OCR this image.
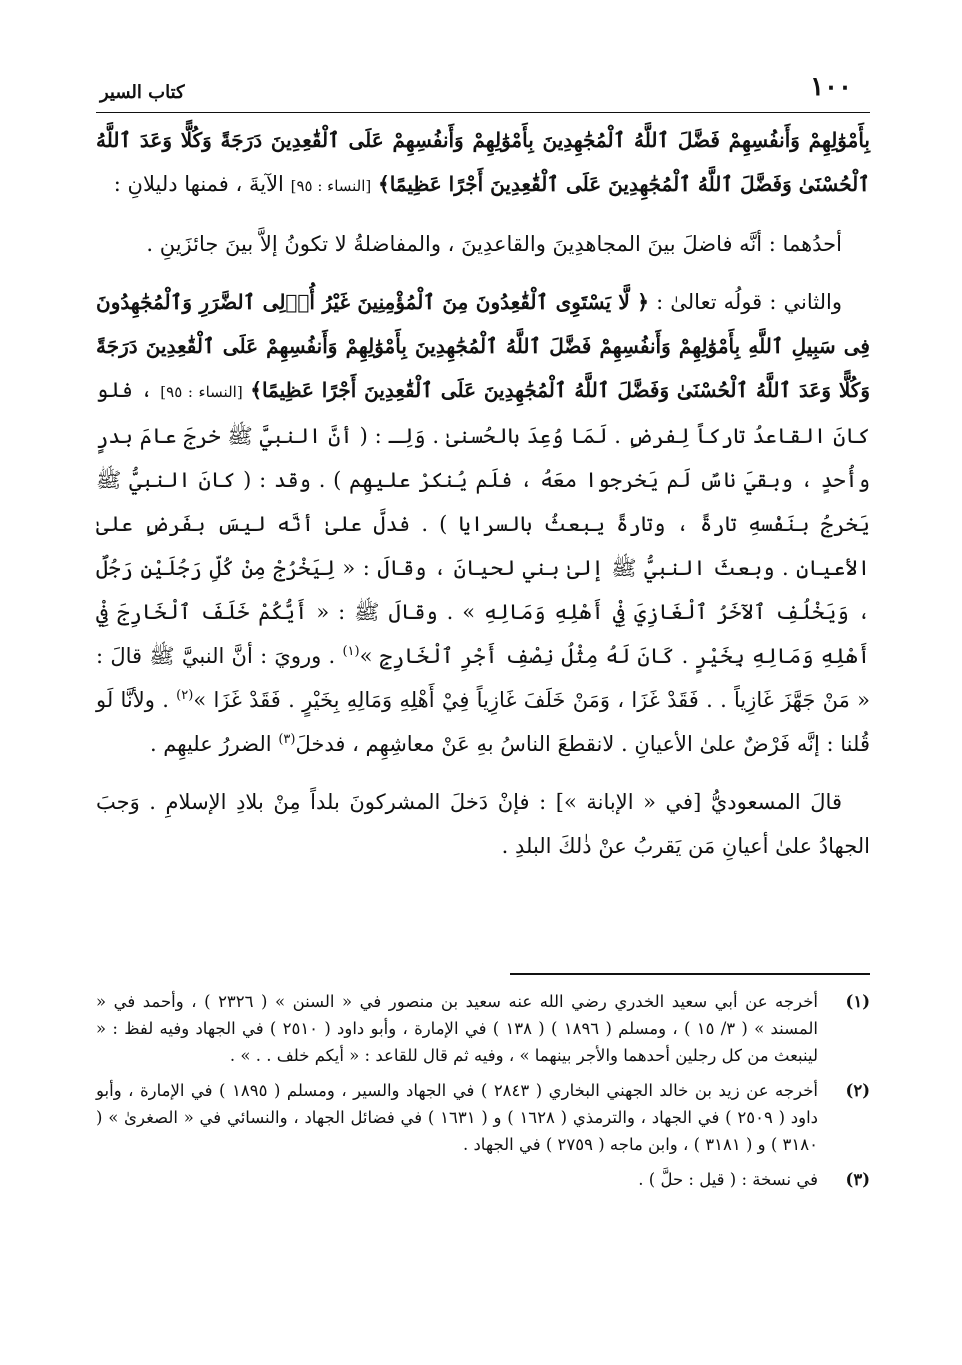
١٠٠
كتاب السير

بِأَمْوَٰلِهِمْ وَأَنفُسِهِمْ فَضَّلَ ٱللَّهُ ٱلْمُجَٰهِدِينَ بِأَمْوَٰلِهِمْ وَأَنفُسِهِمْ عَلَى ٱلْقَٰعِدِينَ دَرَجَةً وَكُلًّا وَعَدَ ٱللَّهُ ٱلْحُسْنَىٰ وَفَضَّلَ ٱللَّهُ ٱلْمُجَٰهِدِينَ عَلَى ٱلْقَٰعِدِينَ أَجْرًا عَظِيمًا﴾ [النساء : ٩٥] الآيةَ ، فمنها دليلانِ :

أحدُهما : أنَّه فاضلَ بينَ المجاهدِينَ والقاعدِينَ ، والمفاضلةُ لا تكونُ إلاَّ بينَ جائزَينِ .

والثاني : قولُه تعالىٰ : ﴿ لَّا يَسْتَوِى ٱلْقَٰعِدُونَ مِنَ ٱلْمُؤْمِنِينَ غَيْرُ أُو۟لِى ٱلضَّرَرِ وَٱلْمُجَٰهِدُونَ فِى سَبِيلِ ٱللَّهِ بِأَمْوَٰلِهِمْ وَأَنفُسِهِمْ فَضَّلَ ٱللَّهُ ٱلْمُجَٰهِدِينَ بِأَمْوَٰلِهِمْ وَأَنفُسِهِمْ عَلَى ٱلْقَٰعِدِينَ دَرَجَةً وَكُلًّا وَعَدَ ٱللَّهُ ٱلْحُسْنَىٰ وَفَضَّلَ ٱللَّهُ ٱلْمُجَٰهِدِينَ عَلَى ٱلْقَٰعِدِينَ أَجْرًا عَظِيمًا﴾ [النساء : ٩٥] ، فلو كانَ القاعدُ تاركاً لِفرضٍ . لَمَا وُعِدَ بالحُسنىٰ . وَلِـ : ( أنَّ النبيَّ ﷺ خرجَ عامَ بدرٍ وأُحدٍ ، وبقيَ ناسٌ لَم يَخرجوا معَهُ ، فلَم يُنكرْ عليهِم ) . وقد : ( كانَ النبيُّ ﷺ يَخرجُ بنَفْسهِ تارةً ، وتارةً يبعثُ بالسرايا ) . فدلَّ علىٰ أنَّه ليسَ بفَرضٍ علىٰ الأعيانِ . وبعثَ النبيُّ ﷺ إلىٰ بني لحيانَ ، وقالَ : « لِيَخْرُجْ مِنْ كُلِّ رَجُلَيْنِ رَجُلٌ ، وَيَخْلُفِ ٱلآخَرُ ٱلْغَازِيَ فِيْ أَهْلِهِ وَمَالِهِ » . وقالَ ﷺ : « أَيُّكُمْ خَلَفَ ٱلْخَارِجَ فِيْ أَهْلِهِ وَمَالِهِ بِخَيْرٍ . كَانَ لَهُ مِثْلُ نِصْفِ أَجْرِ ٱلْخَارِجِ »$^{(١)}$ . ورويَ : أنَّ النبيَّ ﷺ قالَ : « مَنْ جَهَّزَ غَازِياً . . فَقَدْ غَزَا ، وَمَنْ خَلَفَ غَازِياً فِيْ أَهْلِهِ وَمَالِهِ بِخَيْرٍ . فَقَدْ غَزَا »$^{(٢)}$ . ولأنَّا لَو قُلنا : إنَّه فَرْضٌ علىٰ الأعيانِ . لانقطعَ الناسُ بهِ عَنْ معاشِهِم ، فدخلَ$^{(٣)}$ الضررُ عليهِم .

قالَ المسعوديُّ [في « الإبانة »] : فإنْ دَخلَ المشركونَ بلداً مِنْ بلادِ الإسلامِ . وَجبَ الجهادُ علىٰ أعيانِ مَن يَقربُ عنْ ذٰلكَ البلدِ .

(١)
أخرجه عن أبي سعيد الخدري رضي الله عنه سعيد بن منصور في « السنن » ( ٢٣٢٦ ) ، وأحمد في « المسند » ( ٣/ ١٥ ) ، ومسلم ( ١٨٩٦ ) ( ١٣٨ ) في الإمارة ، وأبو داود ( ٢٥١٠ ) في الجهاد وفيه لفظ : « لينبعث من كل رجلين أحدهما والأجر بينهما » ، وفيه ثم قال للقاعد : « أيكم خلف . . » .
(٢)
أخرجه عن زيد بن خالد الجهني البخاري ( ٢٨٤٣ ) في الجهاد والسير ، ومسلم ( ١٨٩٥ ) في الإمارة ، وأبو داود ( ٢٥٠٩ ) في الجهاد ، والترمذي ( ١٦٢٨ ) و ( ١٦٣١ ) في فضائل الجهاد ، والنسائي في « الصغرىٰ » ( ٣١٨٠ ) و ( ٣١٨١ ) ، وابن ماجه ( ٢٧٥٩ ) في الجهاد .
(٣)
في نسخة : ( قيل : حلَّ ) .
